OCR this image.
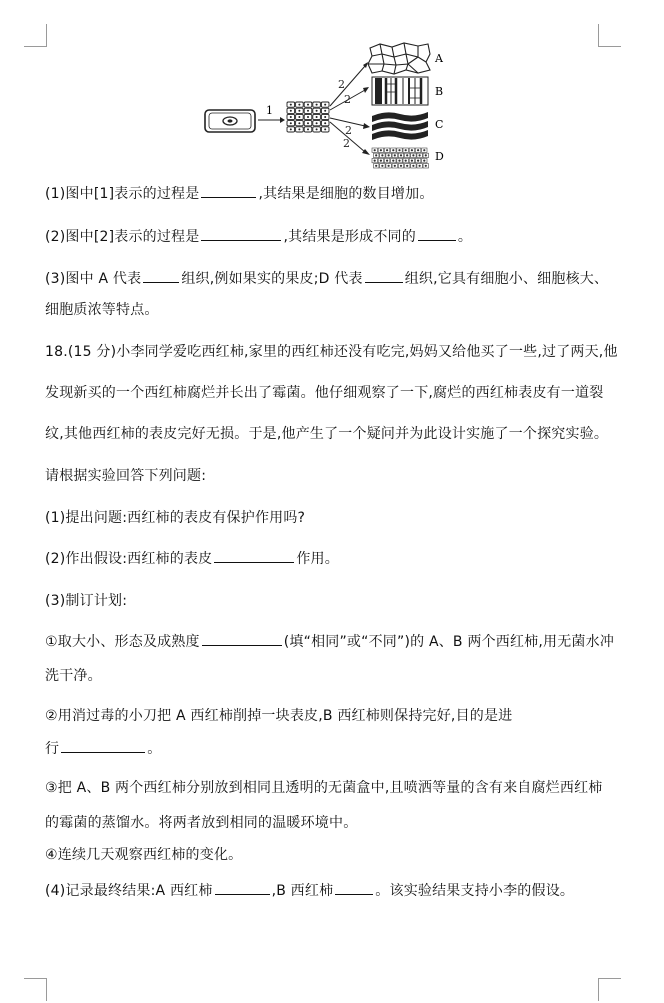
1
2
2
2
2
A
B
C
D
(1)图中[1]表示的过程是	,其结果是细胞的数目增加。
(2)图中[2]表示的过程是	,其结果是形成不同的	。
(3)图中 A 代表	组织,例如果实的果皮;D 代表	组织,它具有细胞小、细胞核大、
细胞质浓等特点。
18.(15 分)小李同学爱吃西红柿,家里的西红柿还没有吃完,妈妈又给他买了一些,过了两天,他
发现新买的一个西红柿腐烂并长出了霉菌。他仔细观察了一下,腐烂的西红柿表皮有一道裂
纹,其他西红柿的表皮完好无损。于是,他产生了一个疑问并为此设计实施了一个探究实验。
请根据实验回答下列问题:
(1)提出问题:西红柿的表皮有保护作用吗?
(2)作出假设:西红柿的表皮	作用。
(3)制订计划:
①取大小、形态及成熟度	(填“相同”或“不同”)的 A、B 两个西红柿,用无菌水冲
洗干净。
②用消过毒的小刀把 A 西红柿削掉一块表皮,B 西红柿则保持完好,目的是进
行	。
③把 A、B 两个西红柿分别放到相同且透明的无菌盒中,且喷洒等量的含有来自腐烂西红柿
的霉菌的蒸馏水。将两者放到相同的温暖环境中。
④连续几天观察西红柿的变化。
(4)记录最终结果:A 西红柿	,B 西红柿	。该实验结果支持小李的假设。
